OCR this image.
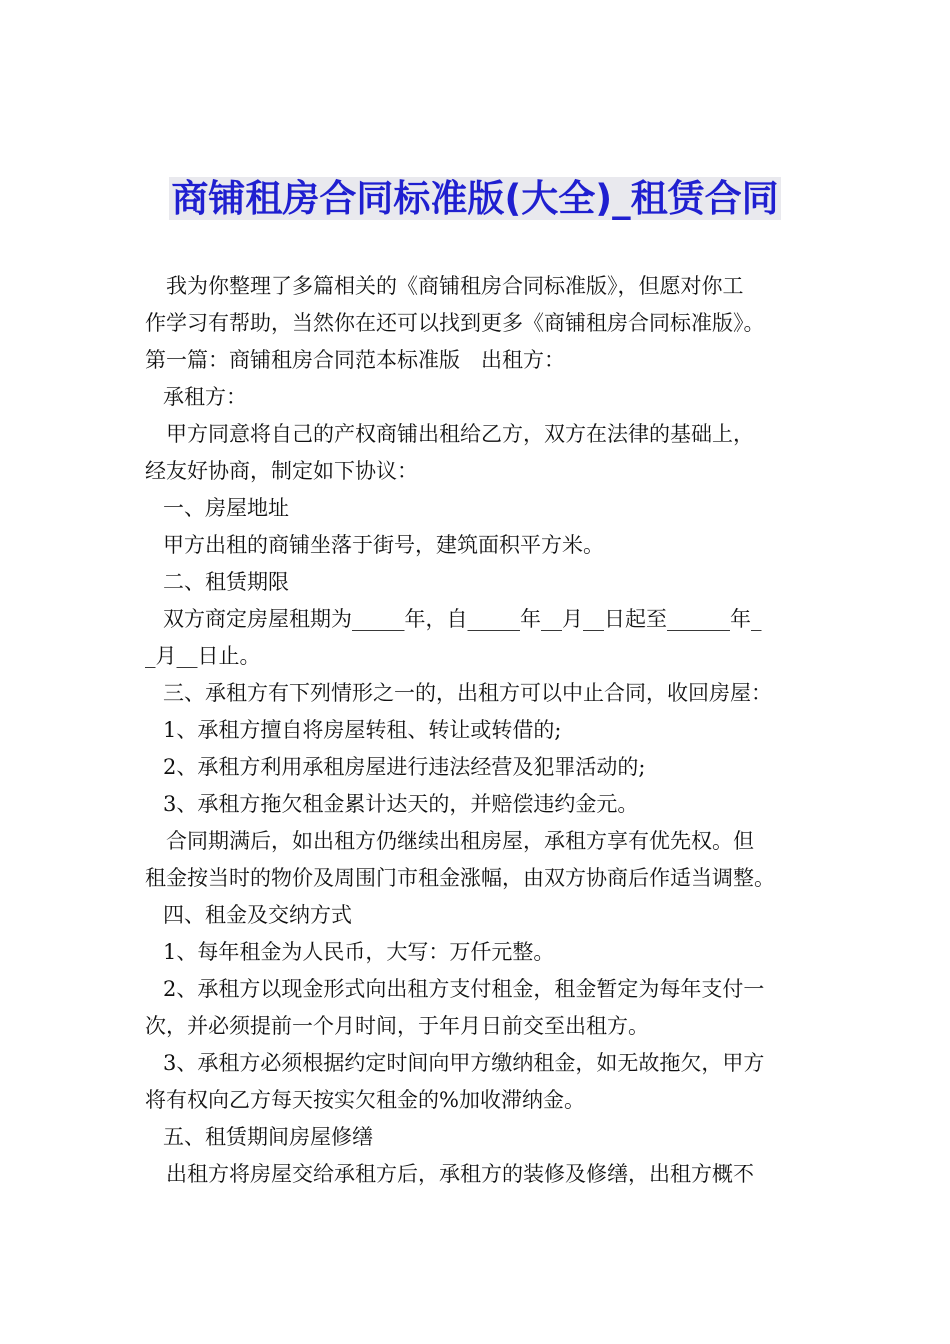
商铺租房合同标准版(大全)_租赁合同

我为你整理了多篇相关的《商铺租房合同标准版》，但愿对你工

作学习有帮助，当然你在还可以找到更多《商铺租房合同标准版》。

第一篇：商铺租房合同范本标准版　出租方：

承租方：

甲方同意将自己的产权商铺出租给乙方，双方在法律的基础上，

经友好协商，制定如下协议：

一、房屋地址

甲方出租的商铺坐落于街号，建筑面积平方米。

二、租赁期限

双方商定房屋租期为_____年，自_____年__月__日起至______年_

_月__日止。

三、承租方有下列情形之一的，出租方可以中止合同，收回房屋：

1、承租方擅自将房屋转租、转让或转借的;

2、承租方利用承租房屋进行违法经营及犯罪活动的;

3、承租方拖欠租金累计达天的，并赔偿违约金元。

合同期满后，如出租方仍继续出租房屋，承租方享有优先权。但

租金按当时的物价及周围门市租金涨幅，由双方协商后作适当调整。

四、租金及交纳方式

1、每年租金为人民币，大写：万仟元整。

2、承租方以现金形式向出租方支付租金，租金暂定为每年支付一

次，并必须提前一个月时间，于年月日前交至出租方。

3、承租方必须根据约定时间向甲方缴纳租金，如无故拖欠，甲方

将有权向乙方每天按实欠租金的%加收滞纳金。

五、租赁期间房屋修缮

出租方将房屋交给承租方后，承租方的装修及修缮，出租方概不
